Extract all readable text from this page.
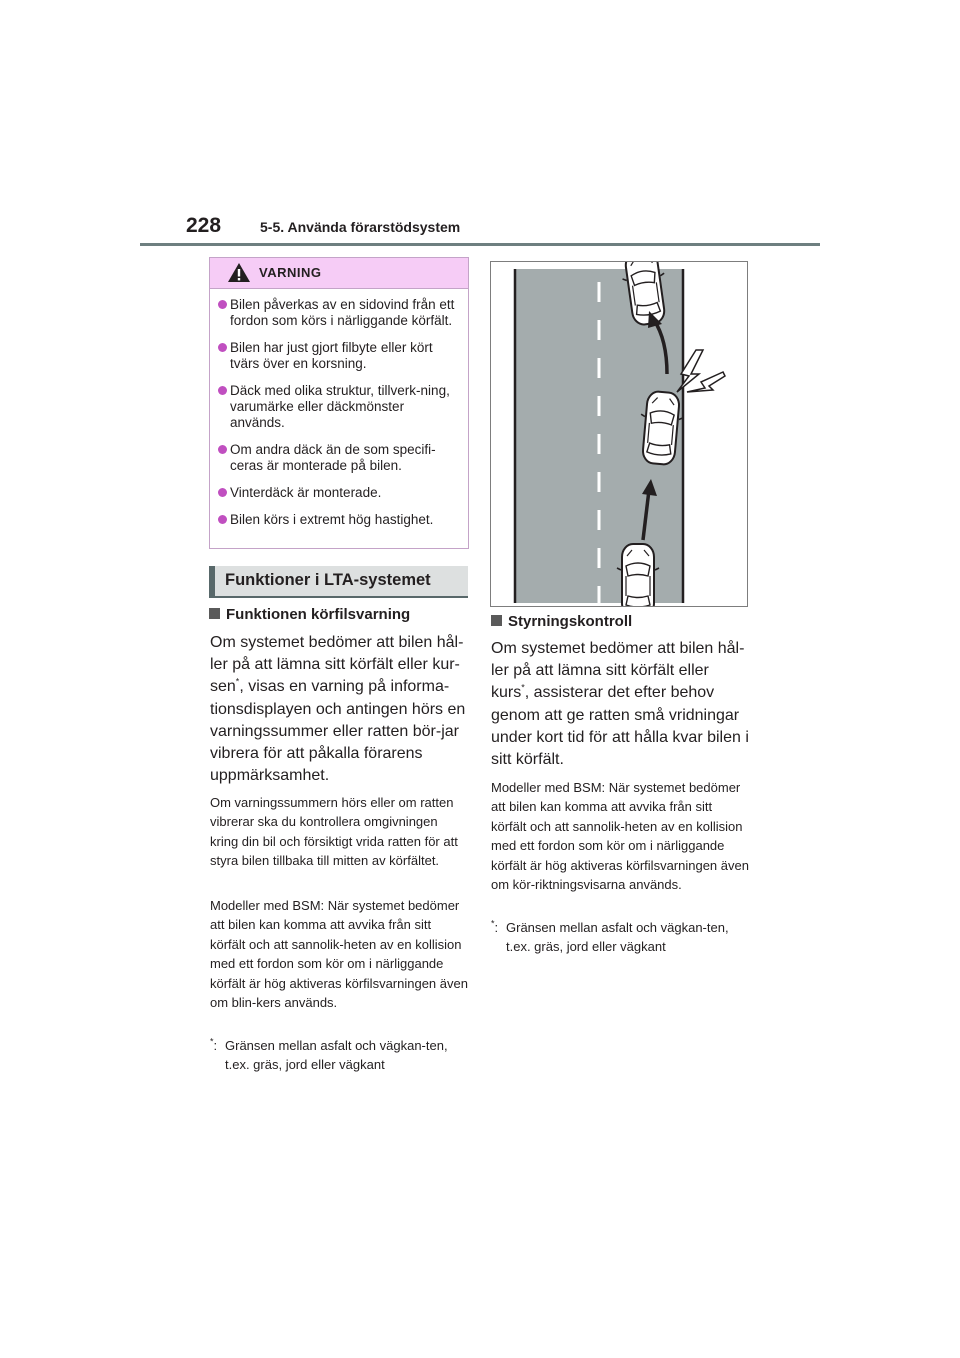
228	5-5. Använda förarstödsystem
VARNING
Bilen påverkas av en sidovind från ett fordon som körs i närliggande körfält.
Bilen har just gjort filbyte eller kört tvärs över en korsning.
Däck med olika struktur, tillverk-ning, varumärke eller däckmönster används.
Om andra däck än de som specifi-ceras är monterade på bilen.
Vinterdäck är monterade.
Bilen körs i extremt hög hastighet.
Funktioner i LTA-systemet
Funktionen körfilsvarning
Om systemet bedömer att bilen hål-ler på att lämna sitt körfält eller kur-sen*, visas en varning på informa-tionsdisplayen och antingen hörs en varningssummer eller ratten bör-jar vibrera för att påkalla förarens uppmärksamhet.
Om varningssummern hörs eller om ratten vibrerar ska du kontrollera omgivningen kring din bil och försiktigt vrida ratten för att styra bilen tillbaka till mitten av körfältet.
Modeller med BSM: När systemet bedömer att bilen kan komma att avvika från sitt körfält och att sannolik-heten av en kollision med ett fordon som kör om i närliggande körfält är hög aktiveras körfilsvarningen även om blin-kers används.
*: Gränsen mellan asfalt och vägkan-ten, t.ex. gräs, jord eller vägkant
Styrningskontroll
Om systemet bedömer att bilen hål-ler på att lämna sitt körfält eller kurs*, assisterar det efter behov genom att ge ratten små vridningar under kort tid för att hålla kvar bilen i sitt körfält.
Modeller med BSM: När systemet bedömer att bilen kan komma att avvika från sitt körfält och att sannolik-heten av en kollision med ett fordon som kör om i närliggande körfält är hög aktiveras körfilsvarningen även om kör-riktningsvisarna används.
*: Gränsen mellan asfalt och vägkan-ten, t.ex. gräs, jord eller vägkant
